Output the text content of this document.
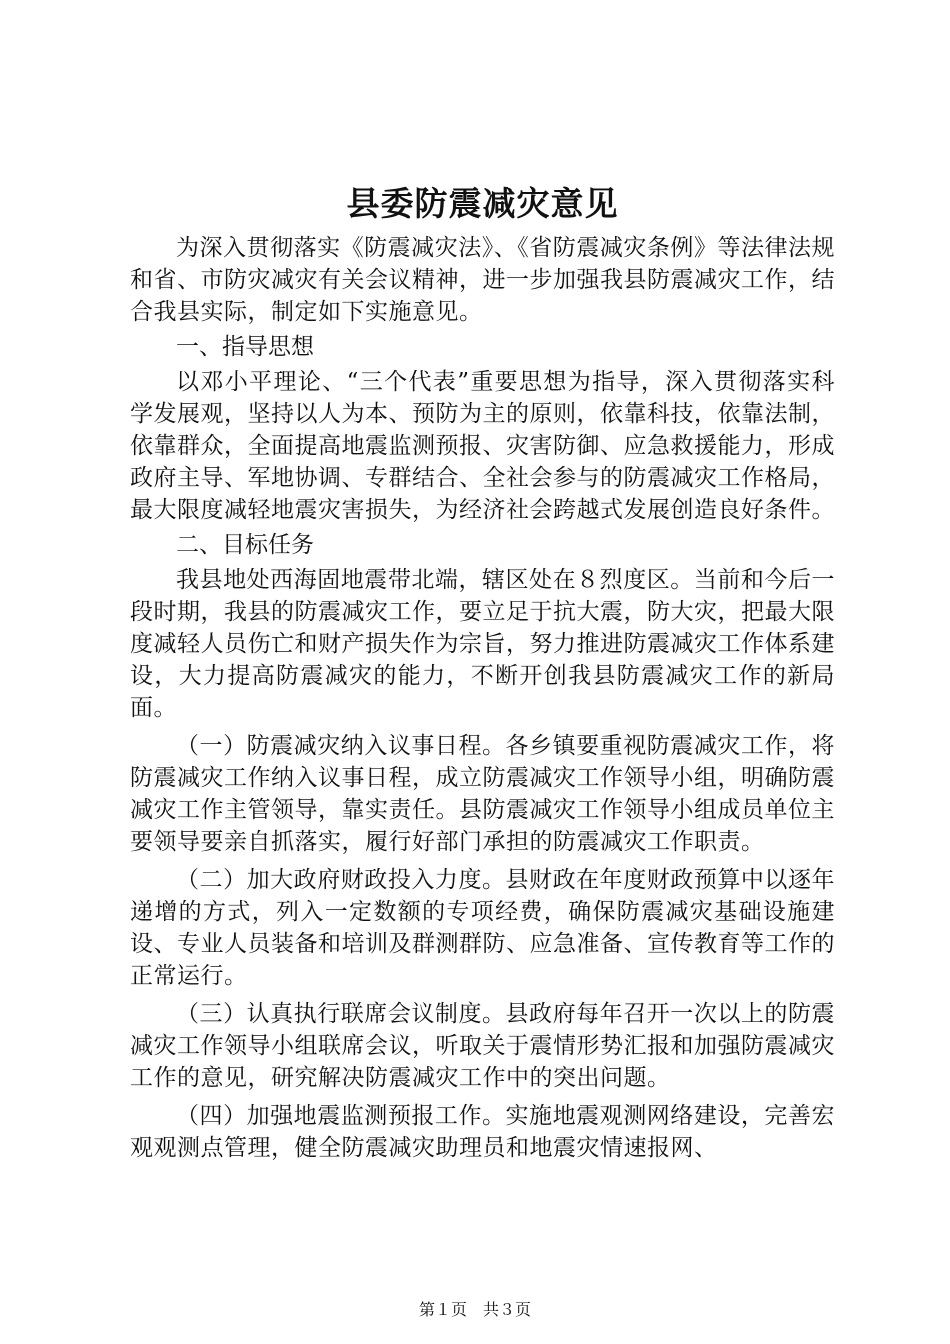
县委防震减灾意见

为深入贯彻落实《防震减灾法》、《省防震减灾条例》等法律法规和省、市防灾减灾有关会议精神，进一步加强我县防震减灾工作，结合我县实际，制定如下实施意见。

一、指导思想

以邓小平理论、“三个代表”重要思想为指导，深入贯彻落实科学发展观，坚持以人为本、预防为主的原则，依靠科技，依靠法制，依靠群众，全面提高地震监测预报、灾害防御、应急救援能力，形成政府主导、军地协调、专群结合、全社会参与的防震减灾工作格局，最大限度减轻地震灾害损失，为经济社会跨越式发展创造良好条件。

二、目标任务

我县地处西海固地震带北端，辖区处在８烈度区。当前和今后一段时期，我县的防震减灾工作，要立足于抗大震，防大灾，把最大限度减轻人员伤亡和财产损失作为宗旨，努力推进防震减灾工作体系建设，大力提高防震减灾的能力，不断开创我县防震减灾工作的新局面。

（一）防震减灾纳入议事日程。各乡镇要重视防震减灾工作，将防震减灾工作纳入议事日程，成立防震减灾工作领导小组，明确防震减灾工作主管领导，靠实责任。县防震减灾工作领导小组成员单位主要领导要亲自抓落实，履行好部门承担的防震减灾工作职责。

（二）加大政府财政投入力度。县财政在年度财政预算中以逐年递增的方式，列入一定数额的专项经费，确保防震减灾基础设施建设、专业人员装备和培训及群测群防、应急准备、宣传教育等工作的正常运行。

（三）认真执行联席会议制度。县政府每年召开一次以上的防震减灾工作领导小组联席会议，听取关于震情形势汇报和加强防震减灾工作的意见，研究解决防震减灾工作中的突出问题。

（四）加强地震监测预报工作。实施地震观测网络建设，完善宏观观测点管理，健全防震减灾助理员和地震灾情速报网、

第１页　共３页
